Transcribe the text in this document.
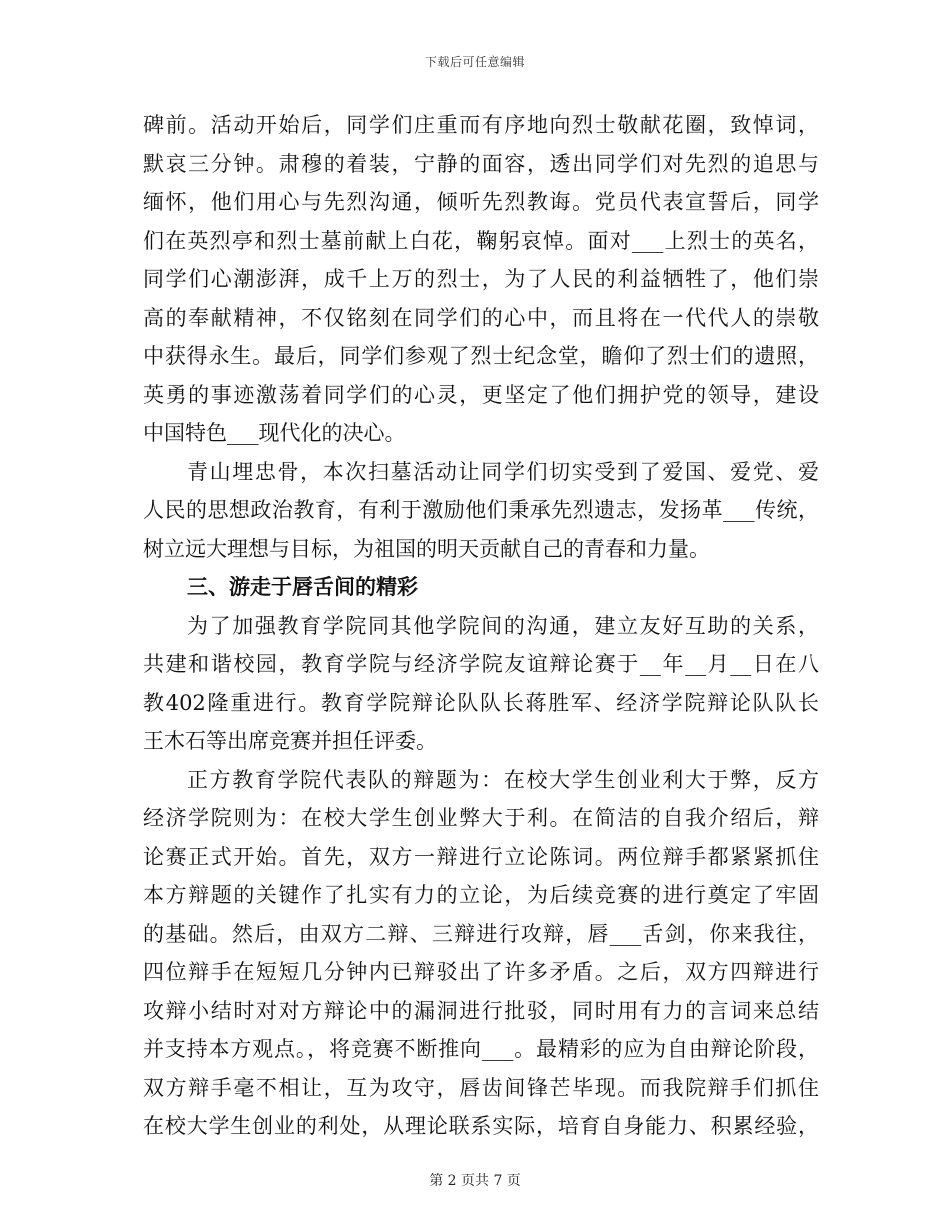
下载后可任意编辑
碑前。活动开始后，同学们庄重而有序地向烈士敬献花圈，致悼词，
默哀三分钟。肃穆的着装，宁静的面容，透出同学们对先烈的追思与
缅怀，他们用心与先烈沟通，倾听先烈教诲。党员代表宣誓后，同学
们在英烈亭和烈士墓前献上白花，鞠躬哀悼。面对___上烈士的英名，
同学们心潮澎湃，成千上万的烈士，为了人民的利益牺牲了，他们崇
高的奉献精神，不仅铭刻在同学们的心中，而且将在一代代人的崇敬
中获得永生。最后，同学们参观了烈士纪念堂，瞻仰了烈士们的遗照，
英勇的事迹激荡着同学们的心灵，更坚定了他们拥护党的领导，建设
中国特色___现代化的决心。
青山埋忠骨，本次扫墓活动让同学们切实受到了爱国、爱党、爱
人民的思想政治教育，有利于激励他们秉承先烈遗志，发扬革___传统，
树立远大理想与目标，为祖国的明天贡献自己的青春和力量。
三、游走于唇舌间的精彩
为了加强教育学院同其他学院间的沟通，建立友好互助的关系，
共建和谐校园，教育学院与经济学院友谊辩论赛于__年__月__日在八
教402隆重进行。教育学院辩论队队长蒋胜军、经济学院辩论队队长
王木石等出席竞赛并担任评委。
正方教育学院代表队的辩题为：在校大学生创业利大于弊，反方
经济学院则为：在校大学生创业弊大于利。在简洁的自我介绍后，辩
论赛正式开始。首先，双方一辩进行立论陈词。两位辩手都紧紧抓住
本方辩题的关键作了扎实有力的立论，为后续竞赛的进行奠定了牢固
的基础。然后，由双方二辩、三辩进行攻辩，唇___舌剑，你来我往，
四位辩手在短短几分钟内已辩驳出了许多矛盾。之后，双方四辩进行
攻辩小结时对对方辩论中的漏洞进行批驳，同时用有力的言词来总结
并支持本方观点。，将竞赛不断推向___。最精彩的应为自由辩论阶段，
双方辩手毫不相让，互为攻守，唇齿间锋芒毕现。而我院辩手们抓住
在校大学生创业的利处，从理论联系实际，培育自身能力、积累经验，
第 2 页共 7 页
